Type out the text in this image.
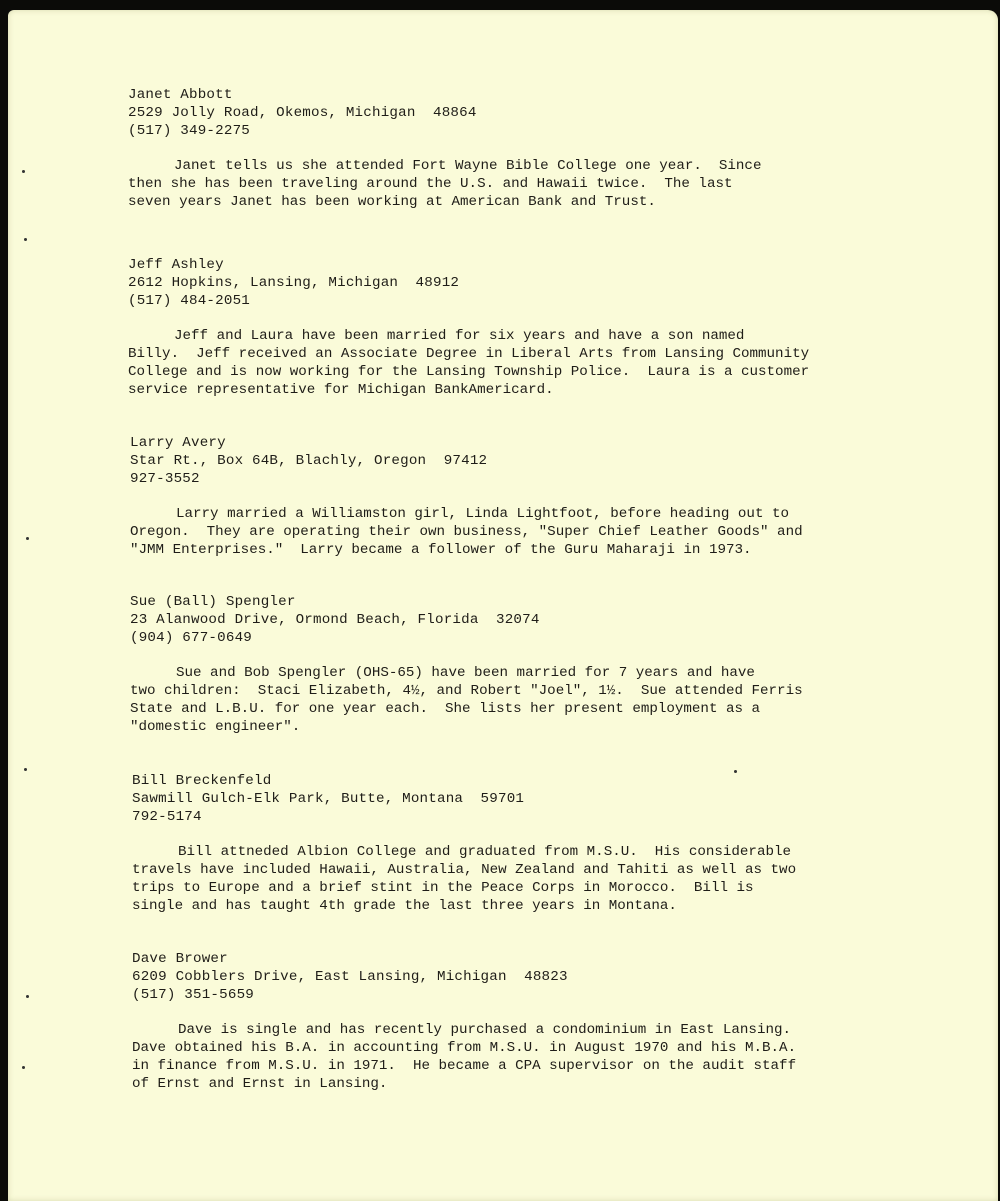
Janet Abbott
2529 Jolly Road, Okemos, Michigan  48864
(517) 349-2275
Janet tells us she attended Fort Wayne Bible College one year.  Since
then she has been traveling around the U.S. and Hawaii twice.  The last
seven years Janet has been working at American Bank and Trust.
Jeff Ashley
2612 Hopkins, Lansing, Michigan  48912
(517) 484-2051
Jeff and Laura have been married for six years and have a son named
Billy.  Jeff received an Associate Degree in Liberal Arts from Lansing Community
College and is now working for the Lansing Township Police.  Laura is a customer
service representative for Michigan BankAmericard.
Larry Avery
Star Rt., Box 64B, Blachly, Oregon  97412
927-3552
Larry married a Williamston girl, Linda Lightfoot, before heading out to
Oregon.  They are operating their own business, "Super Chief Leather Goods" and
"JMM Enterprises."  Larry became a follower of the Guru Maharaji in 1973.
Sue (Ball) Spengler
23 Alanwood Drive, Ormond Beach, Florida  32074
(904) 677-0649
Sue and Bob Spengler (OHS-65) have been married for 7 years and have
two children:  Staci Elizabeth, 4½, and Robert "Joel", 1½.  Sue attended Ferris
State and L.B.U. for one year each.  She lists her present employment as a
"domestic engineer".
Bill Breckenfeld
Sawmill Gulch-Elk Park, Butte, Montana  59701
792-5174
Bill attneded Albion College and graduated from M.S.U.  His considerable
travels have included Hawaii, Australia, New Zealand and Tahiti as well as two
trips to Europe and a brief stint in the Peace Corps in Morocco.  Bill is
single and has taught 4th grade the last three years in Montana.
Dave Brower
6209 Cobblers Drive, East Lansing, Michigan  48823
(517) 351-5659
Dave is single and has recently purchased a condominium in East Lansing.
Dave obtained his B.A. in accounting from M.S.U. in August 1970 and his M.B.A.
in finance from M.S.U. in 1971.  He became a CPA supervisor on the audit staff
of Ernst and Ernst in Lansing.
